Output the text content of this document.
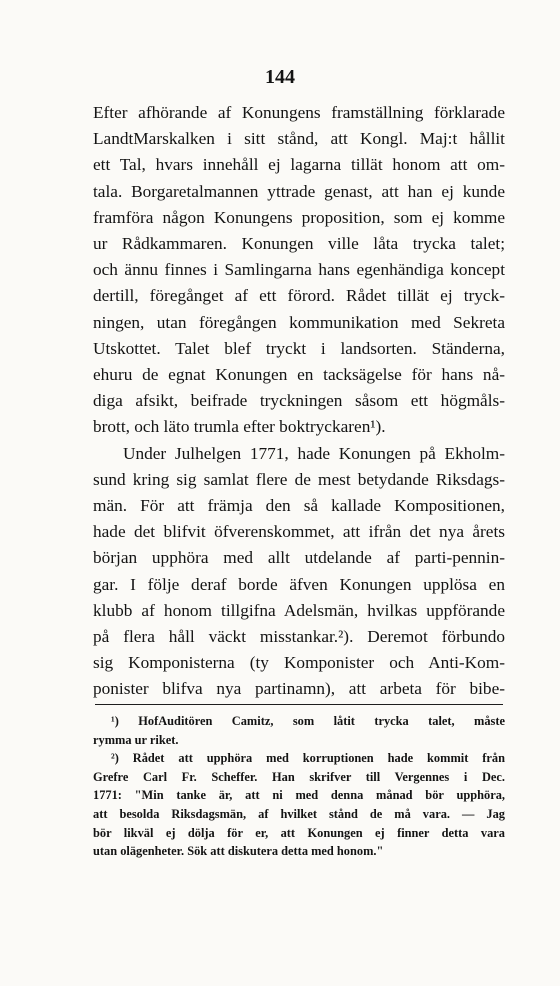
144
Efter afhörande af Konungens framställning förklarade
LandtMarskalken i sitt stånd, att Kongl. Maj:t hållit
ett Tal, hvars innehåll ej lagarna tillät honom att om-
tala. Borgaretalmannen yttrade genast, att han ej kunde
framföra någon Konungens proposition, som ej komme
ur Rådkammaren. Konungen ville låta trycka talet;
och ännu finnes i Samlingarna hans egenhändiga koncept
dertill, föregånget af ett förord. Rådet tillät ej tryck-
ningen, utan föregången kommunikation med Sekreta
Utskottet. Talet blef tryckt i landsorten. Ständerna,
ehuru de egnat Konungen en tacksägelse för hans nå-
diga afsikt, beifrade tryckningen såsom ett högmåls-
brott, och läto trumla efter boktryckaren¹).
Under Julhelgen 1771, hade Konungen på Ekholm-
sund kring sig samlat flere de mest betydande Riksdags-
män. För att främja den så kallade Kompositionen,
hade det blifvit öfverenskommet, att ifrån det nya årets
början upphöra med allt utdelande af parti-pennin-
gar. I följe deraf borde äfven Konungen upplösa en
klubb af honom tillgifna Adelsmän, hvilkas uppförande
på flera håll väckt misstankar.²). Deremot förbundo
sig Komponisterna (ty Komponister och Anti-Kom-
ponister blifva nya partinamn), att arbeta för bibe-
¹) HofAuditören Camitz, som låtit trycka talet, måste
rymma ur riket.
²) Rådet att upphöra med korruptionen hade kommit från
Grefre Carl Fr. Scheffer. Han skrifver till Vergennes i Dec.
1771: "Min tanke är, att ni med denna månad bör upphöra,
att besolda Riksdagsmän, af hvilket stånd de må vara. — Jag
bör likväl ej dölja för er, att Konungen ej finner detta vara
utan olägenheter. Sök att diskutera detta med honom."
